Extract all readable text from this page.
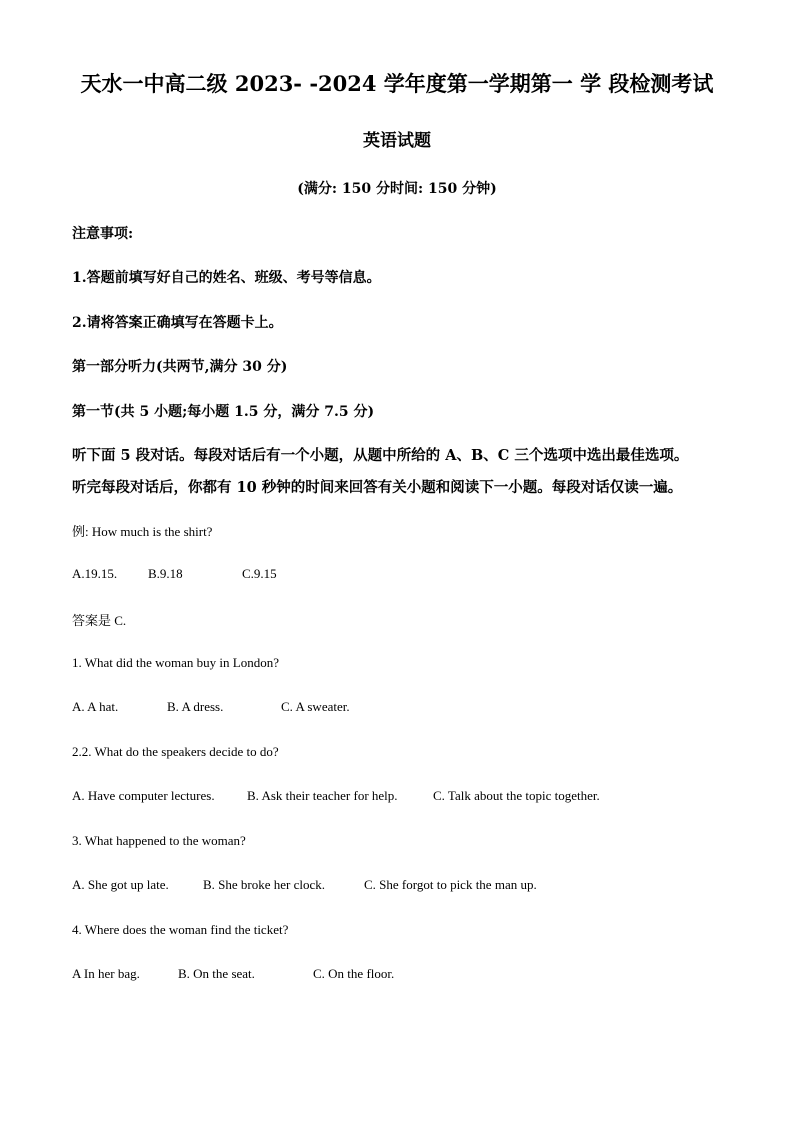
天水一中高二级 2023- -2024 学年度第一学期第一 学 段检测考试
英语试题
(满分: 150 分时间: 150 分钟)
注意事项:
1.答题前填写好自己的姓名、班级、考号等信息。
2.请将答案正确填写在答题卡上。
第一部分听力(共两节,满分 30 分)
第一节(共 5 小题;每小题 1.5 分，满分 7.5 分)
听下面 5 段对话。每段对话后有一个小题，从题中所给的 A、B、C 三个选项中选出最佳选项。
听完每段对话后，你都有 10 秒钟的时间来回答有关小题和阅读下一小题。每段对话仅读一遍。
例: How much is the shirt?
A.19.15. B.9.18	C.9.15
答案是 C.
1. What did the woman buy in London?
A. A hat.	B. A dress.	C. A sweater.
2.2. What do the speakers decide to do?
A. Have computer lectures. B. Ask their teacher for help.	C. Talk about the topic together.
3. What happened to the woman?
A. She got up late.	B. She broke her clock.	C. She forgot to pick the man up.
4. Where does the woman find the ticket?
A In her bag.	B. On the seat.	C. On the floor.
